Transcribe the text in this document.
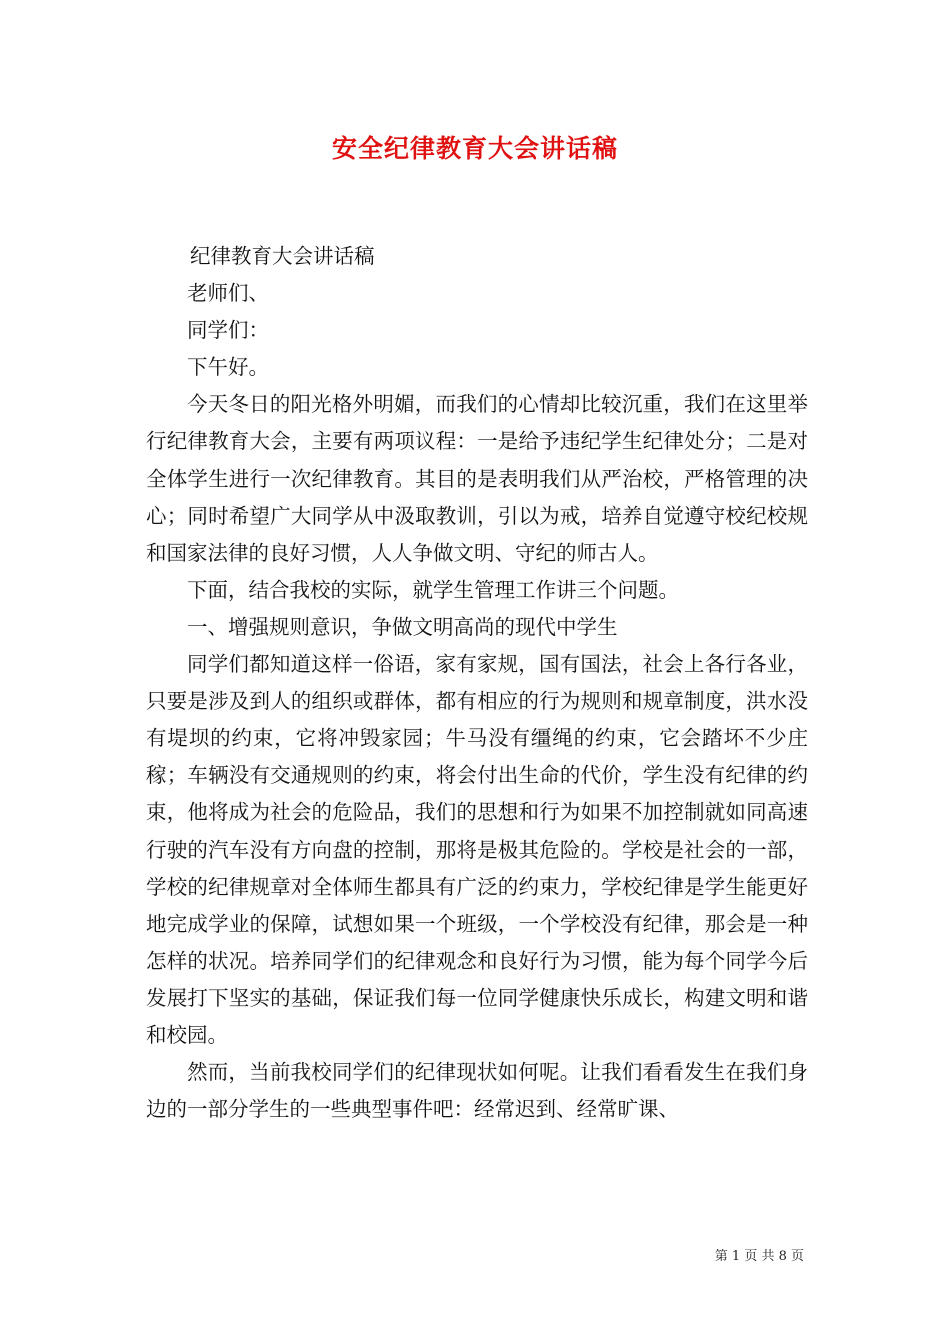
安全纪律教育大会讲话稿

纪律教育大会讲话稿

老师们、

同学们：

下午好。

今天冬日的阳光格外明媚，而我们的心情却比较沉重，我们在这里举行纪律教育大会，主要有两项议程：一是给予违纪学生纪律处分；二是对全体学生进行一次纪律教育。其目的是表明我们从严治校，严格管理的决心；同时希望广大同学从中汲取教训，引以为戒，培养自觉遵守校纪校规和国家法律的良好习惯，人人争做文明、守纪的师古人。

下面，结合我校的实际，就学生管理工作讲三个问题。

一、增强规则意识，争做文明高尚的现代中学生

同学们都知道这样一俗语，家有家规，国有国法，社会上各行各业，只要是涉及到人的组织或群体，都有相应的行为规则和规章制度，洪水没有堤坝的约束，它将冲毁家园；牛马没有缰绳的约束，它会踏坏不少庄稼；车辆没有交通规则的约束，将会付出生命的代价，学生没有纪律的约束，他将成为社会的危险品，我们的思想和行为如果不加控制就如同高速行驶的汽车没有方向盘的控制，那将是极其危险的。学校是社会的一部，学校的纪律规章对全体师生都具有广泛的约束力，学校纪律是学生能更好地完成学业的保障，试想如果一个班级，一个学校没有纪律，那会是一种怎样的状况。培养同学们的纪律观念和良好行为习惯，能为每个同学今后发展打下坚实的基础，保证我们每一位同学健康快乐成长，构建文明和谐和校园。

然而，当前我校同学们的纪律现状如何呢。让我们看看发生在我们身边的一部分学生的一些典型事件吧：经常迟到、经常旷课、

第 1 页 共 8 页
